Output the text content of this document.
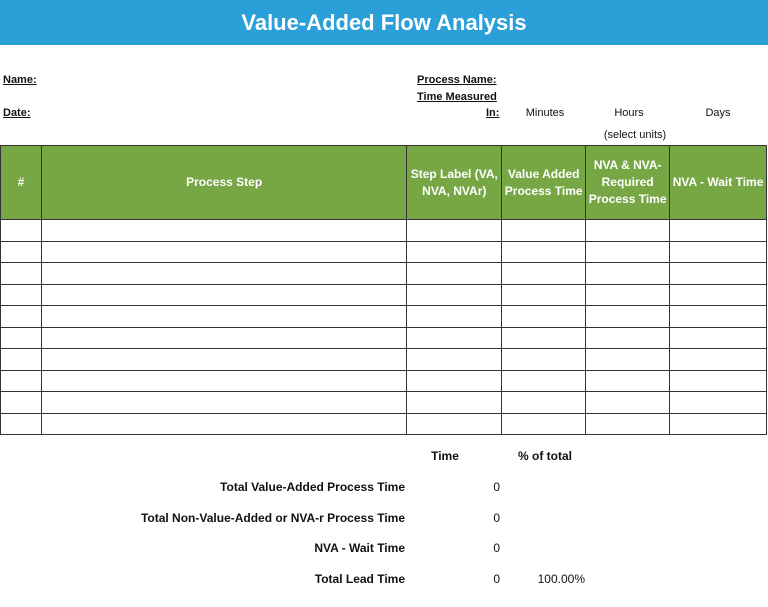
Value-Added Flow Analysis
Name:
Date:
Process Name:
Time Measured
In:	Minutes	Hours	Days
(select units)
#	Process Step	Step Label (VA, NVA, NVAr)	Value Added Process Time	NVA & NVA-Required Process Time	NVA - Wait Time

Time	% of total
Total Value-Added Process Time	0
Total Non-Value-Added or NVA-r Process Time	0
NVA - Wait Time	0
Total Lead Time	0	100.00%
